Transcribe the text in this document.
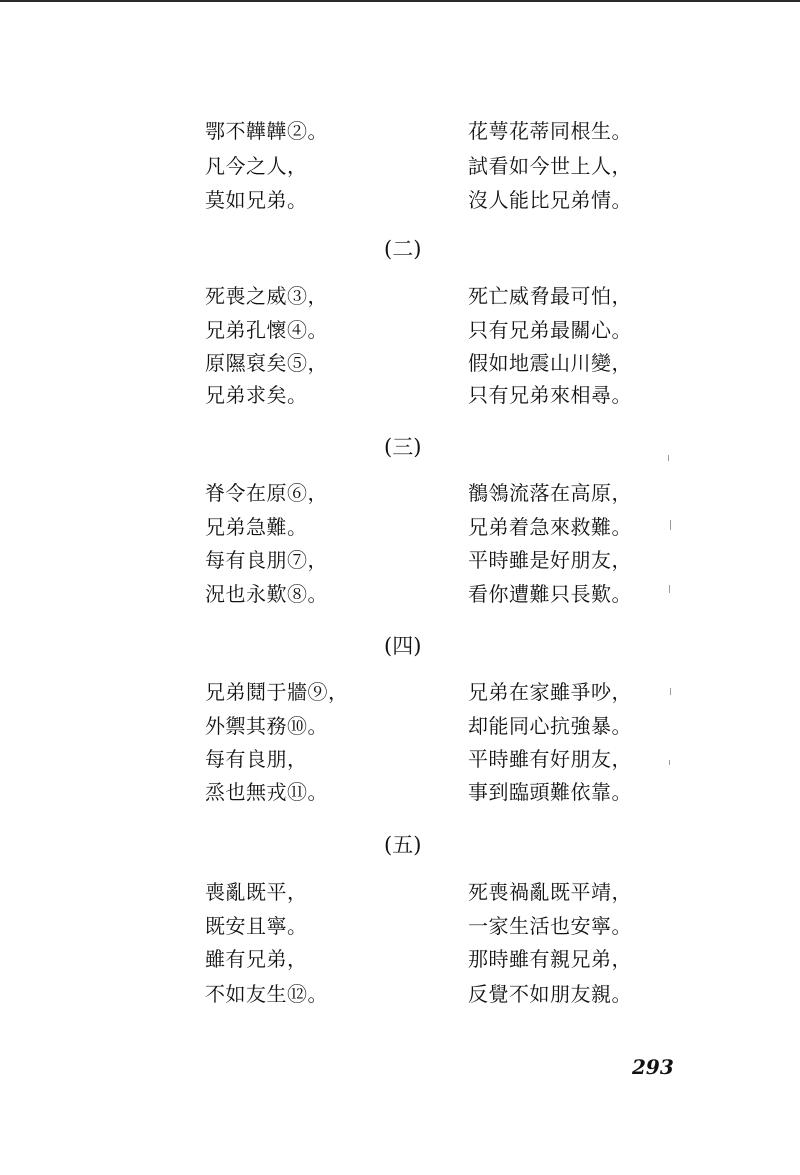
鄂不韡韡②。
凡今之人，
莫如兄弟。
花萼花蒂同根生。
試看如今世上人，
沒人能比兄弟情。
(二)
死喪之威③，
兄弟孔懷④。
原隰裒矣⑤，
兄弟求矣。
死亡威脅最可怕，
只有兄弟最關心。
假如地震山川變，
只有兄弟來相尋。
(三)
脊令在原⑥，
兄弟急難。
每有良朋⑦，
況也永歎⑧。
鶺鴒流落在高原，
兄弟着急來救難。
平時雖是好朋友，
看你遭難只長歎。
(四)
兄弟鬩于牆⑨，
外禦其務⑩。
每有良朋，
烝也無戎⑪。
兄弟在家雖爭吵，
却能同心抗強暴。
平時雖有好朋友，
事到臨頭難依靠。
(五)
喪亂既平，
既安且寧。
雖有兄弟，
不如友生⑫。
死喪禍亂既平靖，
一家生活也安寧。
那時雖有親兄弟，
反覺不如朋友親。
293
